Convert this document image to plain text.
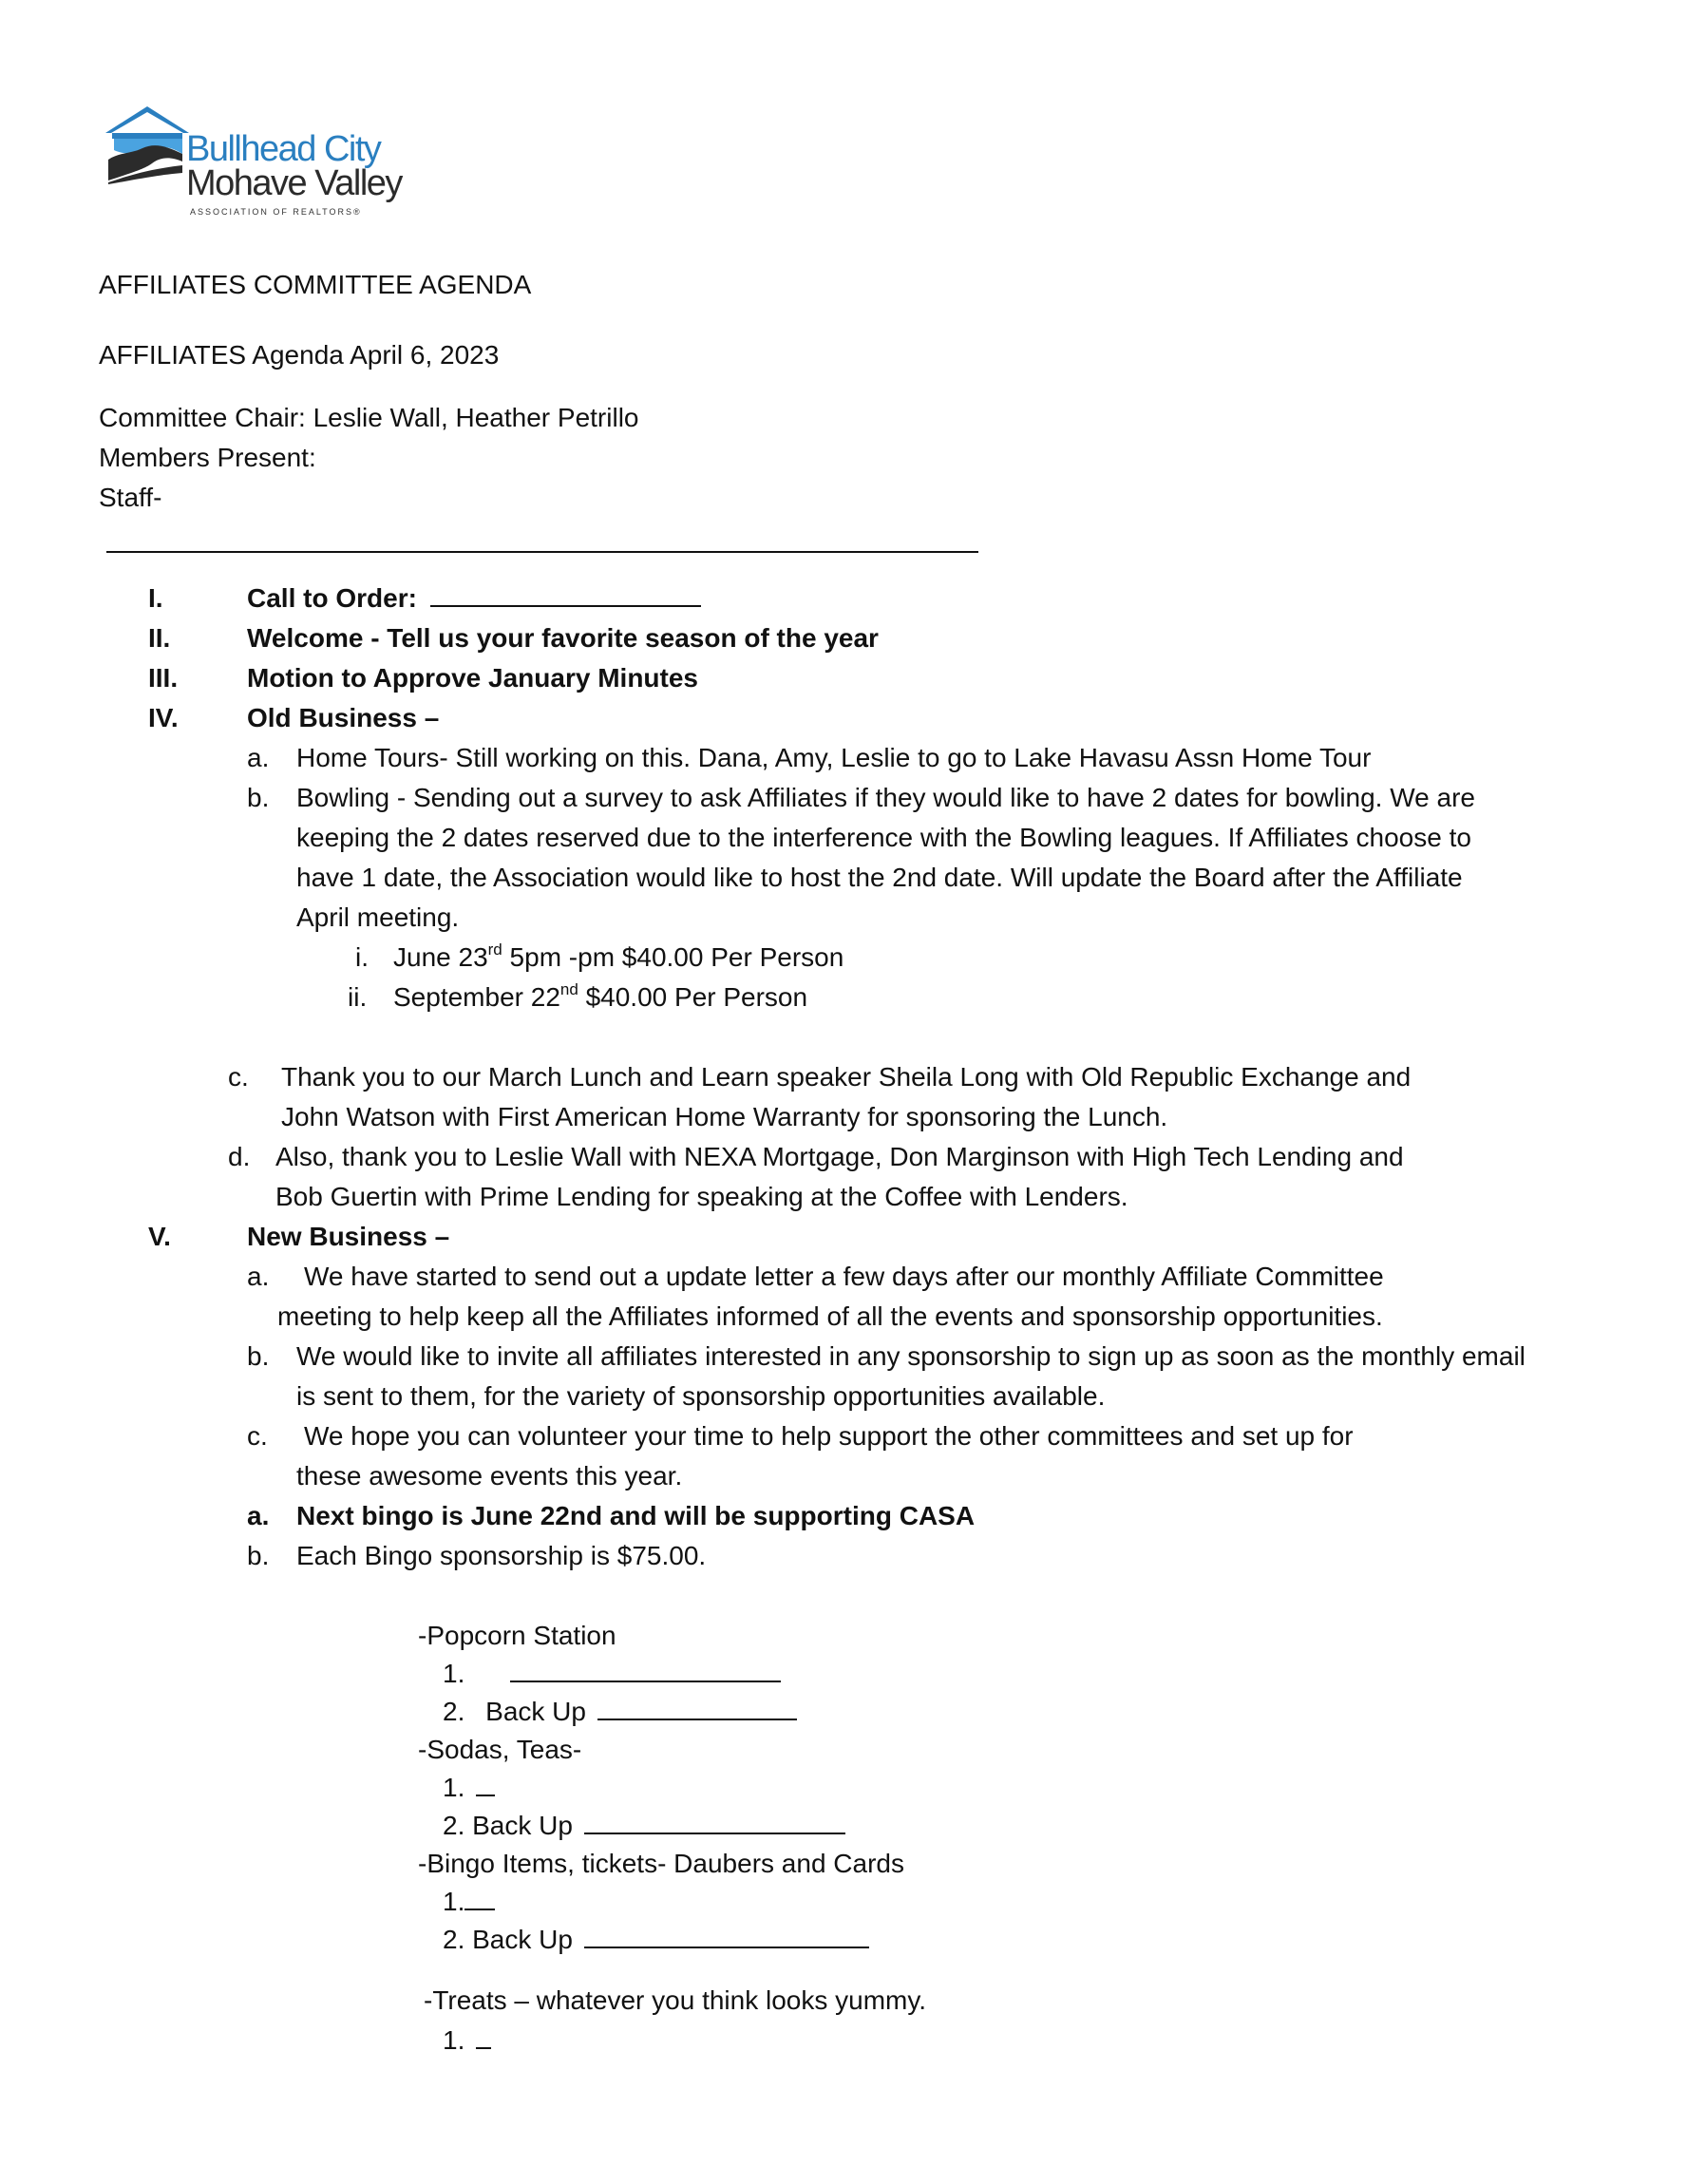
Bullhead City
Mohave Valley
ASSOCIATION OF REALTORS®
AFFILIATES COMMITTEE AGENDA
AFFILIATES Agenda April 6, 2023
Committee Chair: Leslie Wall, Heather Petrillo
Members Present:
Staff-
I.	Call to Order:
II.	Welcome - Tell us your favorite season of the year
III.	Motion to Approve January Minutes
IV.	Old Business –
a. Home Tours- Still working on this. Dana, Amy, Leslie to go to Lake Havasu Assn Home Tour
b. Bowling - Sending out a survey to ask Affiliates if they would like to have 2 dates for bowling. We are
keeping the 2 dates reserved due to the interference with the Bowling leagues. If Affiliates choose to
have 1 date, the Association would like to host the 2nd date. Will update the Board after the Affiliate
April meeting.
i. June 23rd 5pm -pm $40.00 Per Person
ii. September 22nd $40.00 Per Person
c. Thank you to our March Lunch and Learn speaker Sheila Long with Old Republic Exchange and
John Watson with First American Home Warranty for sponsoring the Lunch.
d. Also, thank you to Leslie Wall with NEXA Mortgage, Don Marginson with High Tech Lending and
Bob Guertin with Prime Lending for speaking at the Coffee with Lenders.
V.	New Business –
a. We have started to send out a update letter a few days after our monthly Affiliate Committee
meeting to help keep all the Affiliates informed of all the events and sponsorship opportunities.
b. We would like to invite all affiliates interested in any sponsorship to sign up as soon as the monthly email
is sent to them, for the variety of sponsorship opportunities available.
c. We hope you can volunteer your time to help support the other committees and set up for
these awesome events this year.
a. Next bingo is June 22nd and will be supporting CASA
b. Each Bingo sponsorship is $75.00.
-Popcorn Station
1.
2. Back Up
-Sodas, Teas-
1.
2. Back Up
-Bingo Items, tickets- Daubers and Cards
1.
2. Back Up
-Treats – whatever you think looks yummy.
1.
